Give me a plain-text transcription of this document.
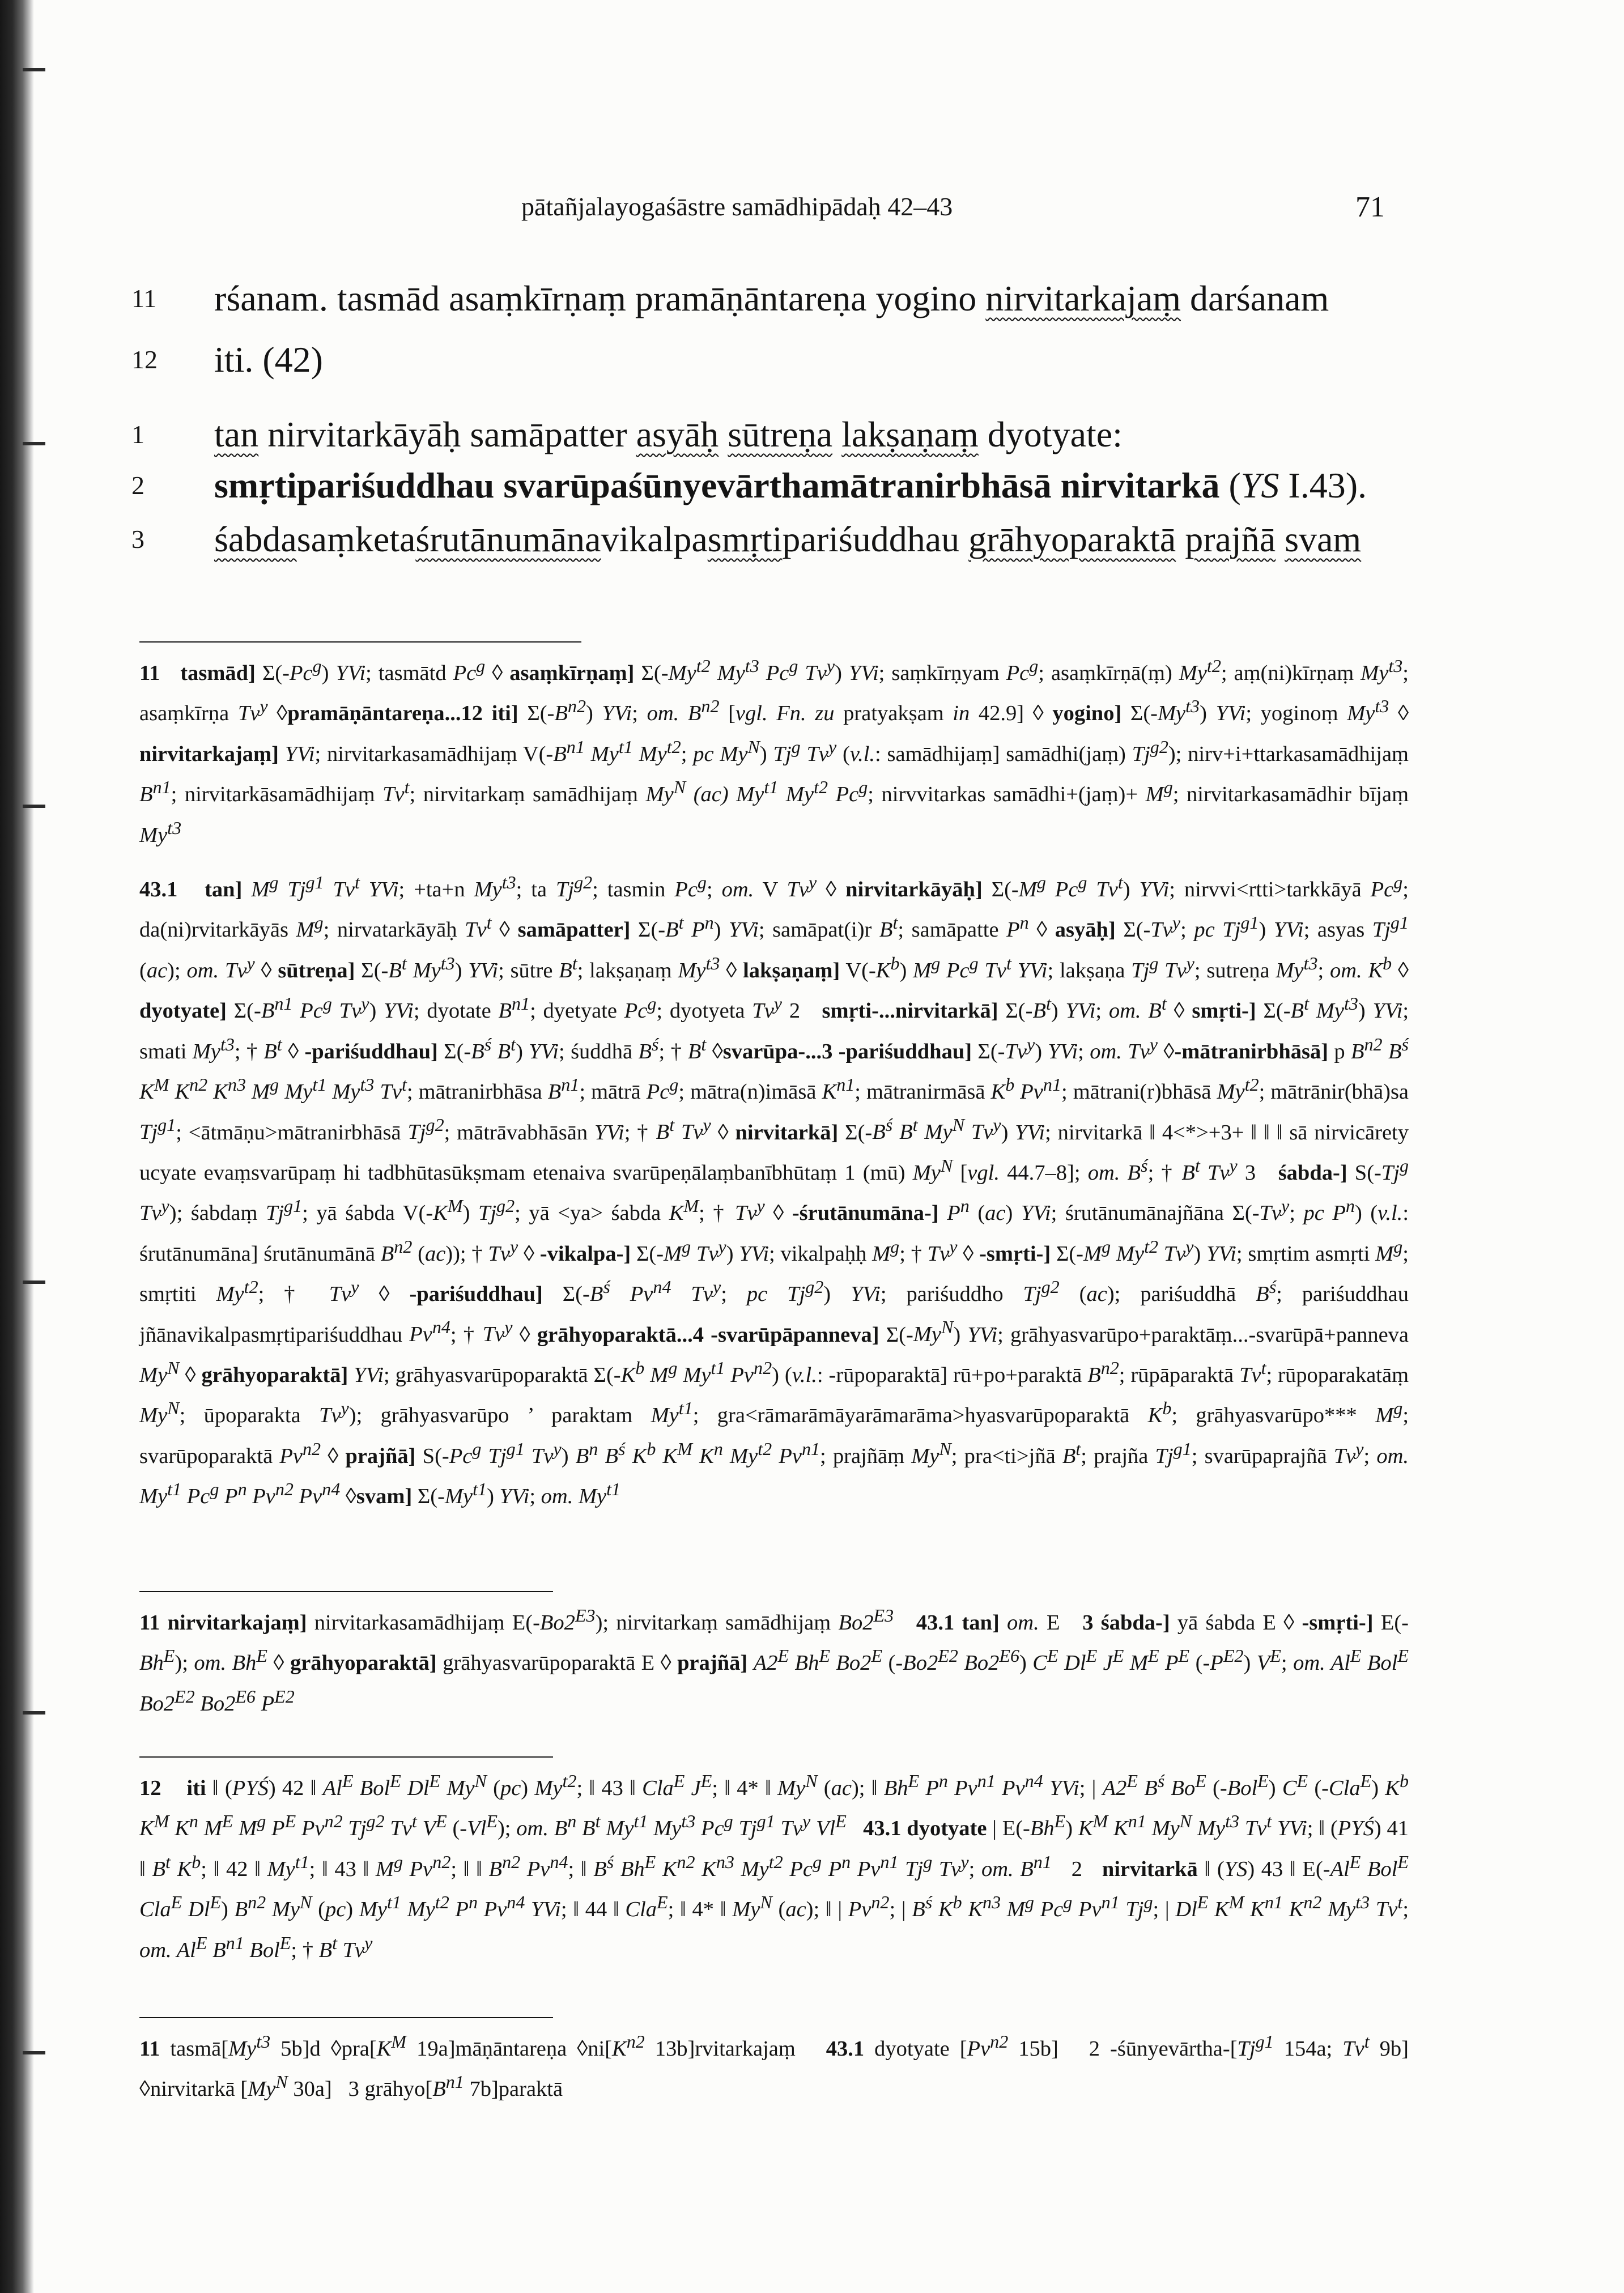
pātañjalayogaśāstre samādhipādaḥ 42–43	71
11 rśanam. tasmād asaṃkīrṇaṃ pramāṇāntareṇa yogino nirvitarkajaṃ darśanam
12 iti. (42)
1	tan nirvitarkāyāḥ samāpatter asyāḥ sūtreṇa lakṣaṇaṃ dyotyate:
2	smṛtipariśuddhau svarūpaśūnyevārthamātranirbhāsā nirvitarkā (YS I.43).
3	śabdasaṃketaśrutānumānavikalpasmṛtipariśuddhau grāhyoparaktā prajñā svam
11 tasmād] Σ(-Pc$^g$) YVi; tasmātd Pc$^g$ ◊ asaṃkīrṇaṃ] $\Sigma(-My^{t2}$ $My^{t3}$ Pc$^g$ Tv$^y$) YVi; saṃkīrṇyam Pc$^g$; asaṃkīrṇā(ṃ) $My^{t2}$; aṃ(ni)kīrṇaṃ $My^{t3}$; asaṃkīrṇa Tv$^y$ ◊pramāṇāntareṇa...12 iti] $\Sigma(-B^{n2})$ YVi; om. $B^{n2}$ [vgl. Fn. zu pratyakṣam in 42.9] ◊ yogino] $\Sigma(-My^{t3})$ YVi; yoginoṃ $My^{t3}$ ◊ nirvitarkajaṃ] YVi; nirvitarkasamādhijaṃ $V(-B^{n1}$ $My^{t1}$ $My^{t2}$; pc $My^N$) Tj$^g$ Tv$^y$ (v.l.: samādhijaṃ] samādhi(jaṃ) $Tj^{g2}$); nirv+i+ttarkasamādhijaṃ $B^{n1}$; nirvitarkāsamādhijaṃ Tv$^t$; nirvitarkaṃ samādhijaṃ $My^N$ (ac) $My^{t1}$ $My^{t2}$ Pc$^g$; nirvvitarkas samādhi+(jaṃ)+ $M^g$; nirvitarkasamādhir bījaṃ $My^{t3}$
43.1 tan] $M^g$ $Tj^{g1}$ Tv$^t$ YVi; +ta+n $My^{t3}$; ta $Tj^{g2}$; tasmin Pc$^g$; om. V Tv$^y$ ◊ nirvitarkāyāḥ] $\Sigma(-M^g$ Pc$^g$ Tv$^t$) YVi; nirvvi<rtti>tarkkāyā Pc$^g$; da(ni)rvitarkāyās $M^g$; nirvatarkāyāḥ Tv$^t$ ◊ samāpatter] $\Sigma(-B^t$ $P^n$) YVi; samāpat(i)r $B^t$; samāpatte $P^n$ ◊ asyāḥ] Σ(-Tv$^y$; pc $Tj^{g1}$) YVi; asyas $Tj^{g1}$ (ac); om. Tv$^y$ ◊ sūtreṇa] $\Sigma(-B^t$ $My^{t3}$) YVi; sūtre $B^t$; lakṣaṇaṃ $My^{t3}$ ◊ lakṣaṇaṃ] $V(-K^b)$ $M^g$ Pc$^g$ Tv$^t$ YVi; lakṣaṇa Tj$^g$ Tv$^y$; sutreṇa $My^{t3}$; om. $K^b$ ◊ dyotyate] $\Sigma(-B^{n1}$ Pc$^g$ Tv$^y$) YVi; dyotate $B^{n1}$; dyetyate Pc$^g$; dyotyeta Tv$^y$ 2   smṛti-...nirvitarkā] $\Sigma(-B^t)$ YVi; om. $B^t$ ◊ smṛti-] $\Sigma(-B^t$ $My^{t3}$) YVi; smati $My^{t3}$; † $B^t$ ◊ -pariśuddhau] $\Sigma(-B^ś$ $B^t$) YVi; śuddhā $B^ś$; † $B^t$ ◊svarūpa-...3 -pariśuddhau] Σ(-Tv$^y$) YVi; om. Tv$^y$ ◊-mātranirbhāsā] p $B^{n2}$ $B^ś$ $K^M$ $K^{n2}$ $K^{n3}$ $M^g$ $My^{t1}$ $My^{t3}$ Tv$^t$; mātranirbhāsa $B^{n1}$; mātrā Pc$^g$; mātra(n)imāsā $K^{n1}$; mātranirmāsā $K^b$ $Pv^{n1}$; mātrani(r)bhāsā $My^{t2}$; mātrānir(bhā)sa $Tj^{g1}$; <ātmāṇu>mātranirbhāsā $Tj^{g2}$; mātrāvabhāsān YVi; † $B^t$ Tv$^y$ ◊ nirvitarkā] $\Sigma(-B^ś$ $B^t$ $My^N$ Tv$^y$) YVi; nirvitarkā ‖ 4<*>+3+ ‖ ‖ ‖ sā nirvicārety ucyate evaṃsvarūpaṃ hi tadbhūtasūkṣmam etenaiva svarūpeṇālaṃbanībhūtaṃ 1 (mū) $My^N$ [vgl. 44.7–8]; om. $B^ś$; † $B^t$ Tv$^y$ 3   śabda-] S(-Tj$^g$ Tv$^y$); śabdaṃ $Tj^{g1}$; yā śabda $V(-K^M)$ $Tj^{g2}$; yā <ya> śabda $K^M$; † Tv$^y$ ◊ -śrutānumāna-] $P^n$ (ac) YVi; śrutānumānajñāna Σ(-Tv$^y$; pc $P^n$) (v.l.: śrutānumāna] śrutānumānā $B^{n2}$ (ac)); † Tv$^y$ ◊ -vikalpa-] $\Sigma(-M^g$ Tv$^y$) YVi; vikalpaḥḥ $M^g$; † Tv$^y$ ◊ -smṛti-] $\Sigma(-M^g$ $My^{t2}$ Tv$^y$) YVi; smṛtim asmṛti $M^g$; smṛtiti $My^{t2}$; † Tv$^y$ ◊ -pariśuddhau] $\Sigma(-B^ś$ $Pv^{n4}$ Tv$^y$; pc $Tj^{g2}$) YVi; pariśuddho $Tj^{g2}$ (ac); pariśuddhā $B^ś$; pariśuddhau jñānavikalpasmṛtipariśuddhau $Pv^{n4}$; † Tv$^y$ ◊ grāhyoparaktā...4 -svarūpāpanneva] $\Sigma(-My^N)$ YVi; grāhyasvarūpo+paraktāṃ...-svarūpā+panneva $My^N$ ◊ grāhyoparaktā] YVi; grāhyasvarūpoparaktā $\Sigma(-K^b$ $M^g$ $My^{t1}$ $Pv^{n2}$) (v.l.: -rūpoparaktā] rū+po+paraktā $B^{n2}$; rūpāparaktā Tv$^t$; rūpoparakatāṃ $My^N$; ūpoparakta Tv$^y$); grāhyasvarūpo ’ paraktam $My^{t1}$; gra<rāmarāmāyarāmarāma>hyasvarūpoparaktā $K^b$; grāhyasvarūpo*** $M^g$; svarūpoparaktā $Pv^{n2}$ ◊ prajñā] S(-Pc$^g$ $Tj^{g1}$ Tv$^y$) $B^n$ $B^ś$ $K^b$ $K^M$ $K^n$ $My^{t2}$ $Pv^{n1}$; prajñāṃ $My^N$; pra<ti>jñā $B^t$; prajña $Tj^{g1}$; svarūpaprajñā Tv$^y$; om. $My^{t1}$ Pc$^g$ $P^n$ $Pv^{n2}$ $Pv^{n4}$ ◊svam] $\Sigma(-My^{t1})$ YVi; om. $My^{t1}$
11 nirvitarkajaṃ] nirvitarkasamādhijaṃ $E(-Bo2^{E3})$; nirvitarkaṃ samādhijaṃ $Bo2^{E3}$ 43.1 tan] om. E   3 śabda-] yā śabda E ◊ -smṛti-] $E(-Bh^E)$; om. $Bh^E$ ◊ grāhyoparaktā] grāhyasvarūpoparaktā E ◊ prajñā] $A2^E$ $Bh^E$ $Bo2^E$ ($-Bo2^{E2}$ $Bo2^{E6}$) $C^E$ $Dl^E$ $J^E$ $M^E$ $P^E$ $(-P^{E2})$ $V^E$; om. $Al^E$ Bol$^E$ $Bo2^{E2}$ $Bo2^{E6}$ $P^{E2}$
12 iti ‖ (PYŚ) 42 ‖ $Al^E$ Bol$^E$ $Dl^E$ $My^N$ (pc) $My^{t2}$; ‖ 43 ‖ Cla$^E$ $J^E$; ‖ 4* ‖ $My^N$ (ac); ‖ $Bh^E$ $P^n$ $Pv^{n1}$ $Pv^{n4}$ YVi; | $A2^E$ $B^ś$ $Bo^E$ (-Bol$^E$) $C^E$ (-Cla$^E$) $K^b$ $K^M$ $K^n$ $M^E$ $M^g$ $P^E$ $Pv^{n2}$ $Tj^{g2}$ Tv$^t$ $V^E$ $(-Vl^E)$; om. $B^n$ $B^t$ $My^{t1}$ $My^{t3}$ Pc$^g$ $Tj^{g1}$ Tv$^y$ $Vl^E$ 43.1 dyotyate | $E(-Bh^E)$ $K^M$ $K^{n1}$ $My^N$ $My^{t3}$ Tv$^t$ YVi; ‖ (PYŚ) 41 ‖ $B^t$ $K^b$; ‖ 42 ‖ $My^{t1}$; ‖ 43 ‖ $M^g$ $Pv^{n2}$; ‖ ‖ $B^{n2}$ $Pv^{n4}$; ‖ $B^ś$ $Bh^E$ $K^{n2}$ $K^{n3}$ $My^{t2}$ Pc$^g$ $P^n$ $Pv^{n1}$ Tj$^g$ Tv$^y$; om. $B^{n1}$   2   nirvitarkā ‖ (YS) 43 ‖ $E(-Al^E$ Bol$^E$ Cla$^E$ $Dl^E$) $B^{n2}$ $My^N$ (pc) $My^{t1}$ $My^{t2}$ $P^n$ $Pv^{n4}$ YVi; ‖ 44 ‖ Cla$^E$; ‖ 4* ‖ $My^N$ (ac); ‖ | $Pv^{n2}$; | $B^ś$ $K^b$ $K^{n3}$ $M^g$ Pc$^g$ $Pv^{n1}$ Tj$^g$; | $Dl^E$ $K^M$ $K^{n1}$ $K^{n2}$ $My^{t3}$ Tv$^t$; om. $Al^E$ $B^{n1}$ Bol$^E$; † $B^t$ Tv$^y$
11 $tasmā[My^{t3}$ 5b]d $◊pra[K^M$ 19a]māṇāntareṇa $◊ni[K^{n2}$ 13b]rvitarkajaṃ   43.1 dyotyate [$Pv^{n2}$ 15b]   2 $-śūnyevārtha-[Tj^{g1}$ 154a; Tv$^t$ 9b] ◊nirvitarkā [$My^N$ 30a]   3 $grāhyo[B^{n1}$ 7b]paraktā
